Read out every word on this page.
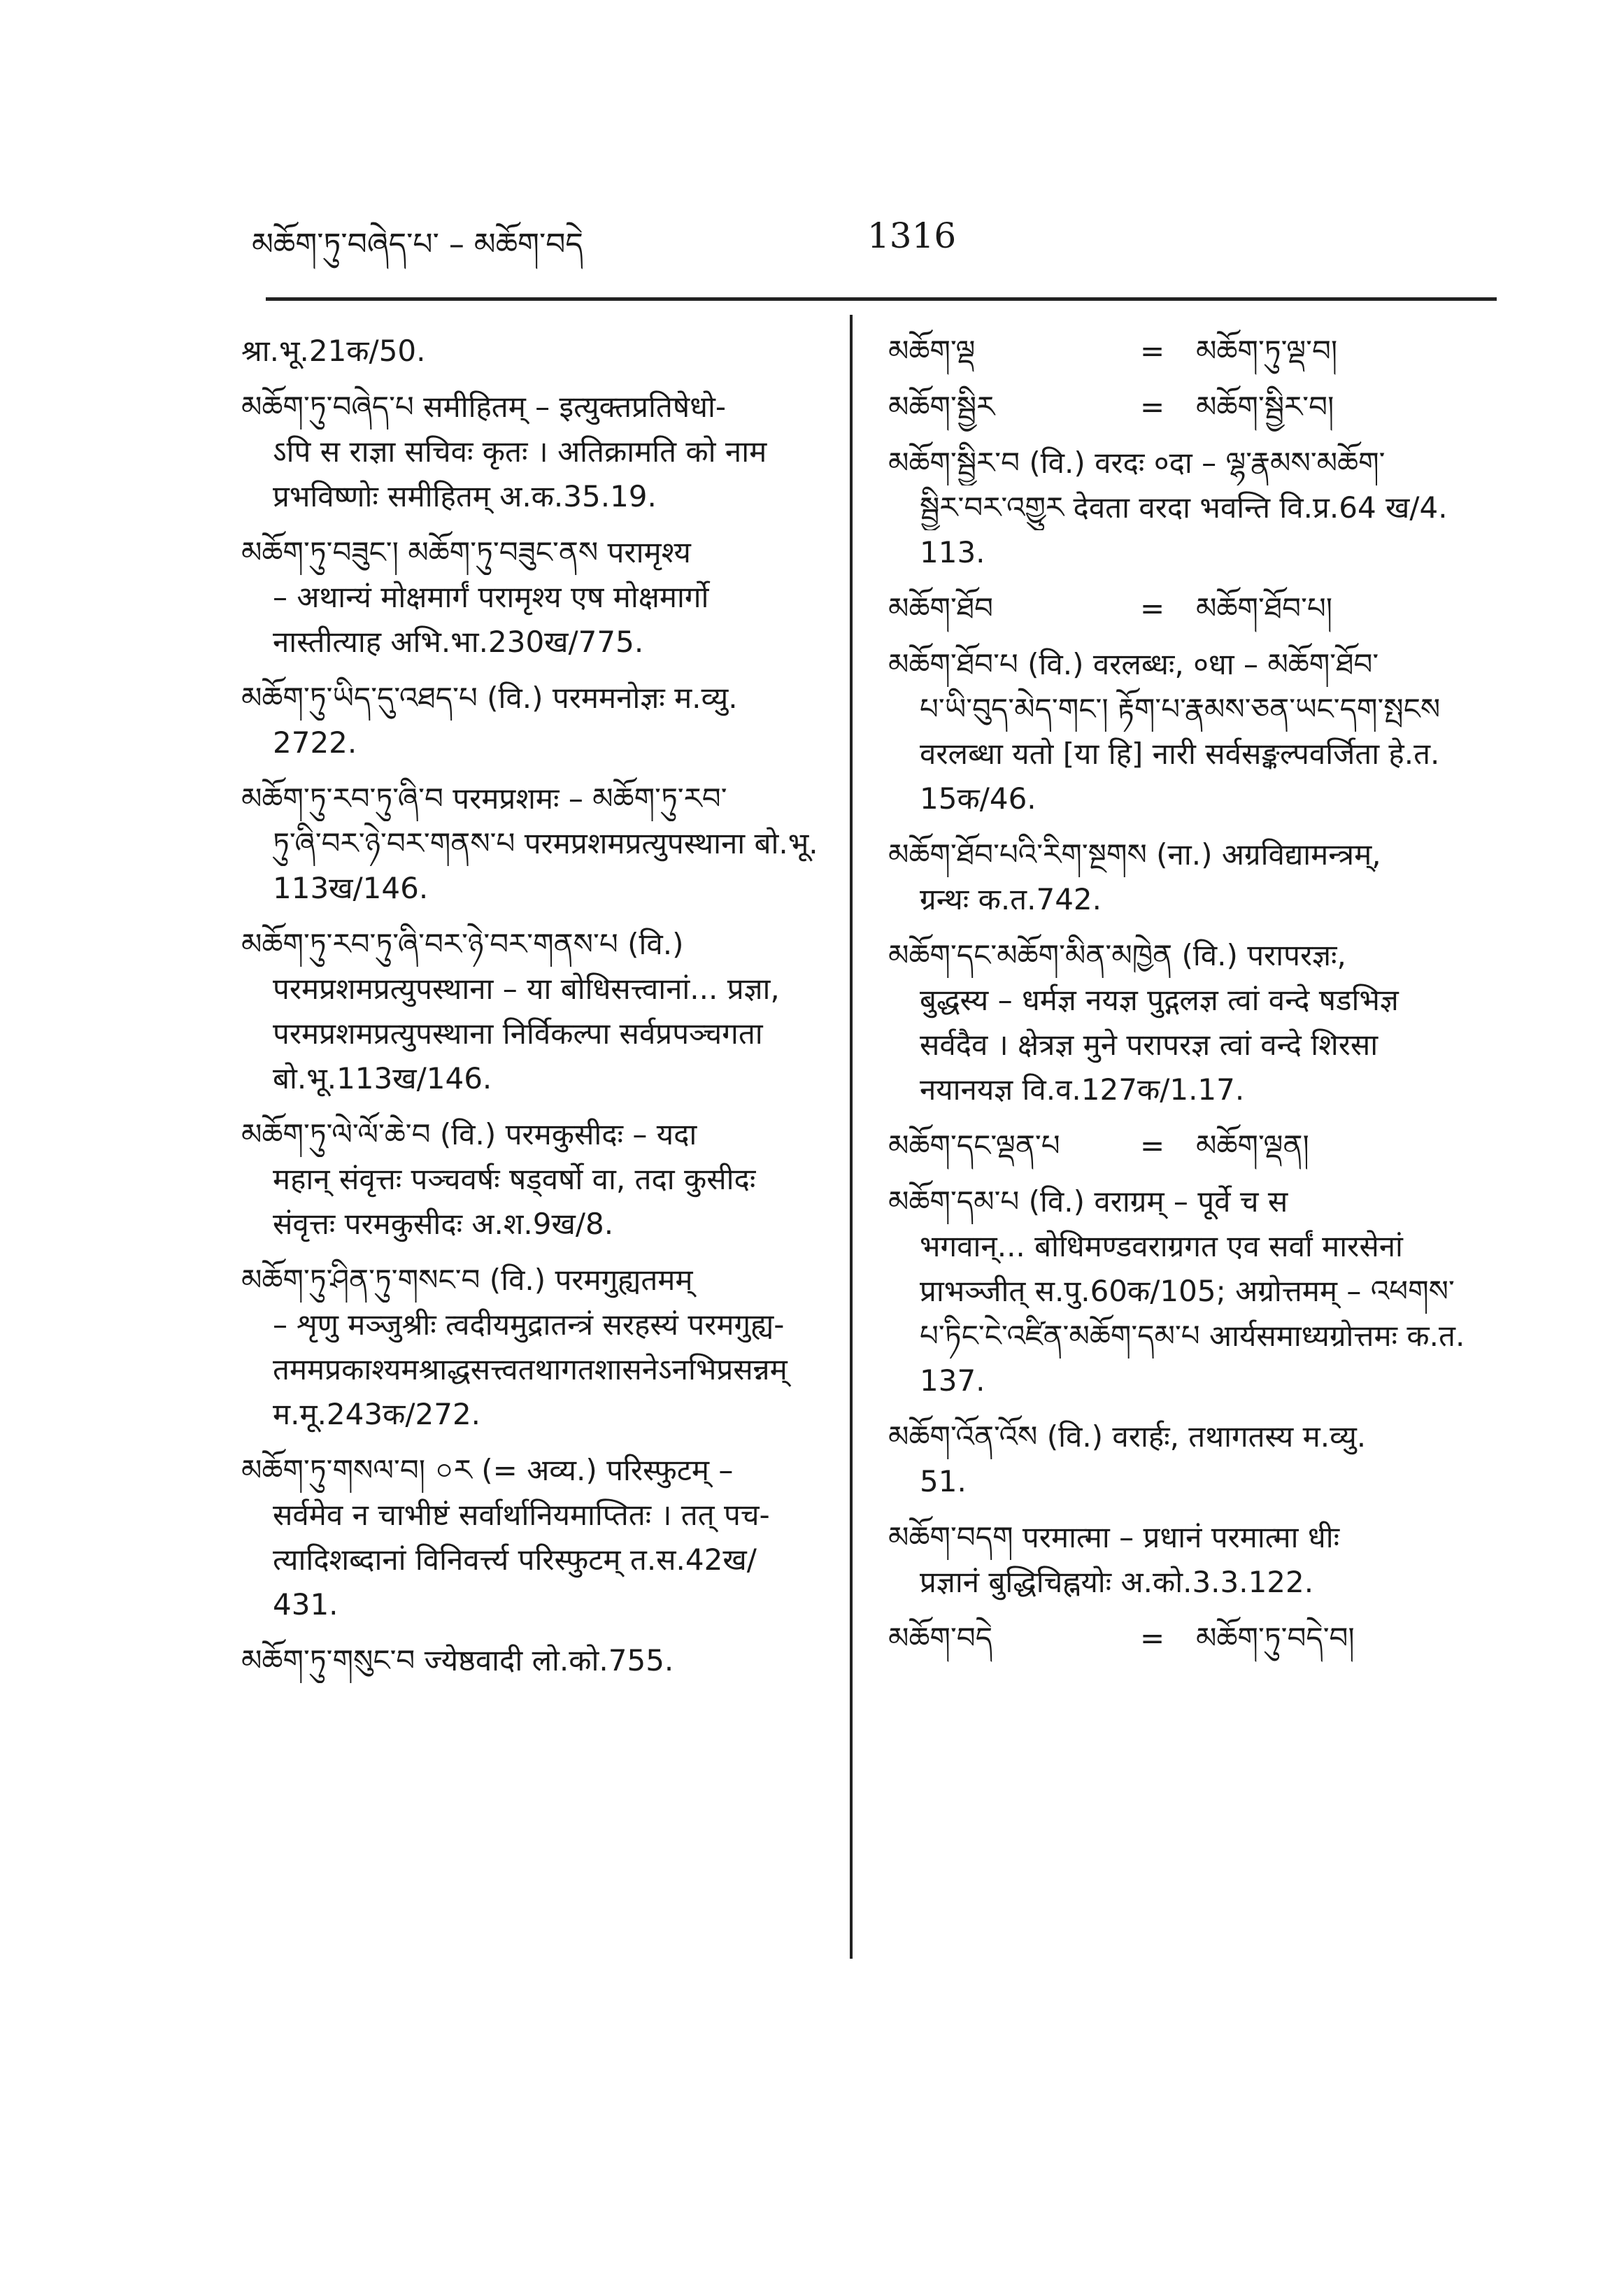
མཆོག་ཏུ་བཞེད་པ་ – མཆོག་བདེ	1316
श्रा.भू.21क/50.
མཆོག་ཏུ་བཞེད་པ समीहितम् – इत्युक्तप्रतिषेधो-
ऽपि स राज्ञा सचिवः कृतः । अतिक्रामति को नाम
प्रभविष्णोः समीहितम् अ.क.35.19.
མཆོག་ཏུ་བཟུང་། མཆོག་ཏུ་བཟུང་ནས परामृश्य
– अथान्यं मोक्षमार्गं परामृश्य एष मोक्षमार्गो
नास्तीत्याह अभि.भा.230ख/775.
མཆོག་ཏུ་ཡིད་དུ་འཐད་པ (वि.) परममनोज्ञः म.व्यु.
2722.
མཆོག་ཏུ་རབ་ཏུ་ཞི་བ परमप्रशमः – མཆོག་ཏུ་རབ་
ཏུ་ཞི་བར་ཉེ་བར་གནས་པ परमप्रशमप्रत्युपस्थाना बो.भू.
113ख/146.
མཆོག་ཏུ་རབ་ཏུ་ཞི་བར་ཉེ་བར་གནས་པ (वि.)
परमप्रशमप्रत्युपस्थाना – या बोधिसत्त्वानां... प्रज्ञा,
परमप्रशमप्रत्युपस्थाना निर्विकल्पा सर्वप्रपञ्चगता
बो.भू.113ख/146.
མཆོག་ཏུ་ལེ་ལོ་ཆེ་བ (वि.) परमकुसीदः – यदा
महान् संवृत्तः पञ्चवर्षः षड्वर्षो वा, तदा कुसीदः
संवृत्तः परमकुसीदः अ.श.9ख/8.
མཆོག་ཏུ་ཤིན་ཏུ་གསང་བ (वि.) परमगुह्यतमम्
– शृणु मञ्जुश्रीः त्वदीयमुद्रातन्त्रं सरहस्यं परमगुह्य-
तममप्रकाश्यमश्राद्धसत्त्वतथागतशासनेऽनभिप्रसन्नम्
म.मू.243क/272.
མཆོག་ཏུ་གསལ་བ། ০ར (= अव्य.) परिस्फुटम् –
सर्वमेव न चाभीष्टं सर्वार्थानियमाप्तितः । तत् पच-
त्यादिशब्दानां विनिवर्त्त्य परिस्फुटम् त.स.42ख/
431.
མཆོག་ཏུ་གསུང་བ ज्येष्ठवादी लो.को.755.
མཆོག་ལྡ	=	མཆོག་ཏུ་ལྡ་བ།
མཆོག་སྦྱིར	=	མཆོག་སྦྱིར་བ།
མཆོག་སྦྱིར་བ (वि.) वरदः ०दा – ལྷ་རྣམས་མཆོག་
སྦྱིར་བར་འགྱུར देवता वरदा भवन्ति वि.प्र.64 ख/4.
113.
མཆོག་ཐོབ	=	མཆོག་ཐོབ་པ།
མཆོག་ཐོབ་པ (वि.) वरलब्धः, ०धा – མཆོག་ཐོབ་
པ་ཡི་བུད་མེད་གང་། རྟོག་པ་རྣམས་ཅན་ཡང་དག་སྤངས
वरलब्धा यतो [या हि] नारी सर्वसङ्कल्पवर्जिता हे.त.
15क/46.
མཆོག་ཐོབ་པའི་རིག་སྔགས (ना.) अग्रविद्यामन्त्रम्,
ग्रन्थः क.त.742.
མཆོག་དང་མཆོག་མིན་མཁྱེན (वि.) परापरज्ञः,
बुद्धस्य – धर्मज्ञ नयज्ञ पुद्गलज्ञ त्वां वन्दे षडभिज्ञ
सर्वदैव । क्षेत्रज्ञ मुने परापरज्ञ त्वां वन्दे शिरसा
नयानयज्ञ वि.व.127क/1.17.
མཆོག་དང་ལྡན་པ	=	མཆོག་ལྡན།
མཆོག་དམ་པ (वि.) वराग्रम् – पूर्वे च स
भगवान्... बोधिमण्डवराग्रगत एव सर्वां मारसेनां
प्राभञ्जीत् स.पु.60क/105; अग्रोत्तमम् – འཕགས་
པ་ཏིང་ངེ་འཛིན་མཆོག་དམ་པ आर्यसमाध्यग्रोत्तमः क.त.
137.
མཆོག་འོན་འོས (वि.) वरार्हः, तथागतस्य म.व्यु.
51.
མཆོག་བདག परमात्मा – प्रधानं परमात्मा धीः
प्रज्ञानं बुद्धिचिह्नयोः अ.को.3.3.122.
མཆོག་བདེ	=	མཆོག་ཏུ་བདེ་བ།
